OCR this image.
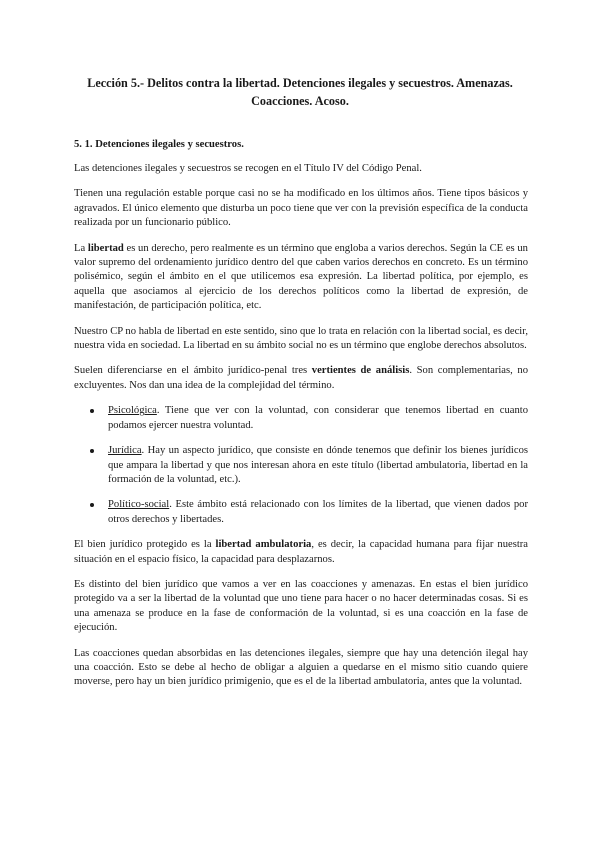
Lección 5.- Delitos contra la libertad. Detenciones ilegales y secuestros. Amenazas. Coacciones. Acoso.
5. 1. Detenciones ilegales y secuestros.

Las detenciones ilegales y secuestros se recogen en el Título IV del Código Penal.

Tienen una regulación estable porque casi no se ha modificado en los últimos años. Tiene tipos básicos y agravados. El único elemento que disturba un poco tiene que ver con la previsión específica de la conducta realizada por un funcionario público.

La libertad es un derecho, pero realmente es un término que engloba a varios derechos. Según la CE es un valor supremo del ordenamiento jurídico dentro del que caben varios derechos en concreto. Es un término polisémico, según el ámbito en el que utilicemos esa expresión. La libertad política, por ejemplo, es aquella que asociamos al ejercicio de los derechos políticos como la libertad de expresión, de manifestación, de participación política, etc.

Nuestro CP no habla de libertad en este sentido, sino que lo trata en relación con la libertad social, es decir, nuestra vida en sociedad. La libertad en su ámbito social no es un término que englobe derechos absolutos.

Suelen diferenciarse en el ámbito jurídico-penal tres vertientes de análisis. Son complementarias, no excluyentes. Nos dan una idea de la complejidad del término.

Psicológica. Tiene que ver con la voluntad, con considerar que tenemos libertad en cuanto podamos ejercer nuestra voluntad.
Jurídica. Hay un aspecto jurídico, que consiste en dónde tenemos que definir los bienes jurídicos que ampara la libertad y que nos interesan ahora en este título (libertad ambulatoria, libertad en la formación de la voluntad, etc.).
Político-social. Este ámbito está relacionado con los límites de la libertad, que vienen dados por otros derechos y libertades.

El bien jurídico protegido es la libertad ambulatoria, es decir, la capacidad humana para fijar nuestra situación en el espacio físico, la capacidad para desplazarnos.

Es distinto del bien jurídico que vamos a ver en las coacciones y amenazas. En estas el bien jurídico protegido va a ser la libertad de la voluntad que uno tiene para hacer o no hacer determinadas cosas. Si es una amenaza se produce en la fase de conformación de la voluntad, si es una coacción en la fase de ejecución.

Las coacciones quedan absorbidas en las detenciones ilegales, siempre que hay una detención ilegal hay una coacción. Esto se debe al hecho de obligar a alguien a quedarse en el mismo sitio cuando quiere moverse, pero hay un bien jurídico primigenio, que es el de la libertad ambulatoria, antes que la voluntad.
